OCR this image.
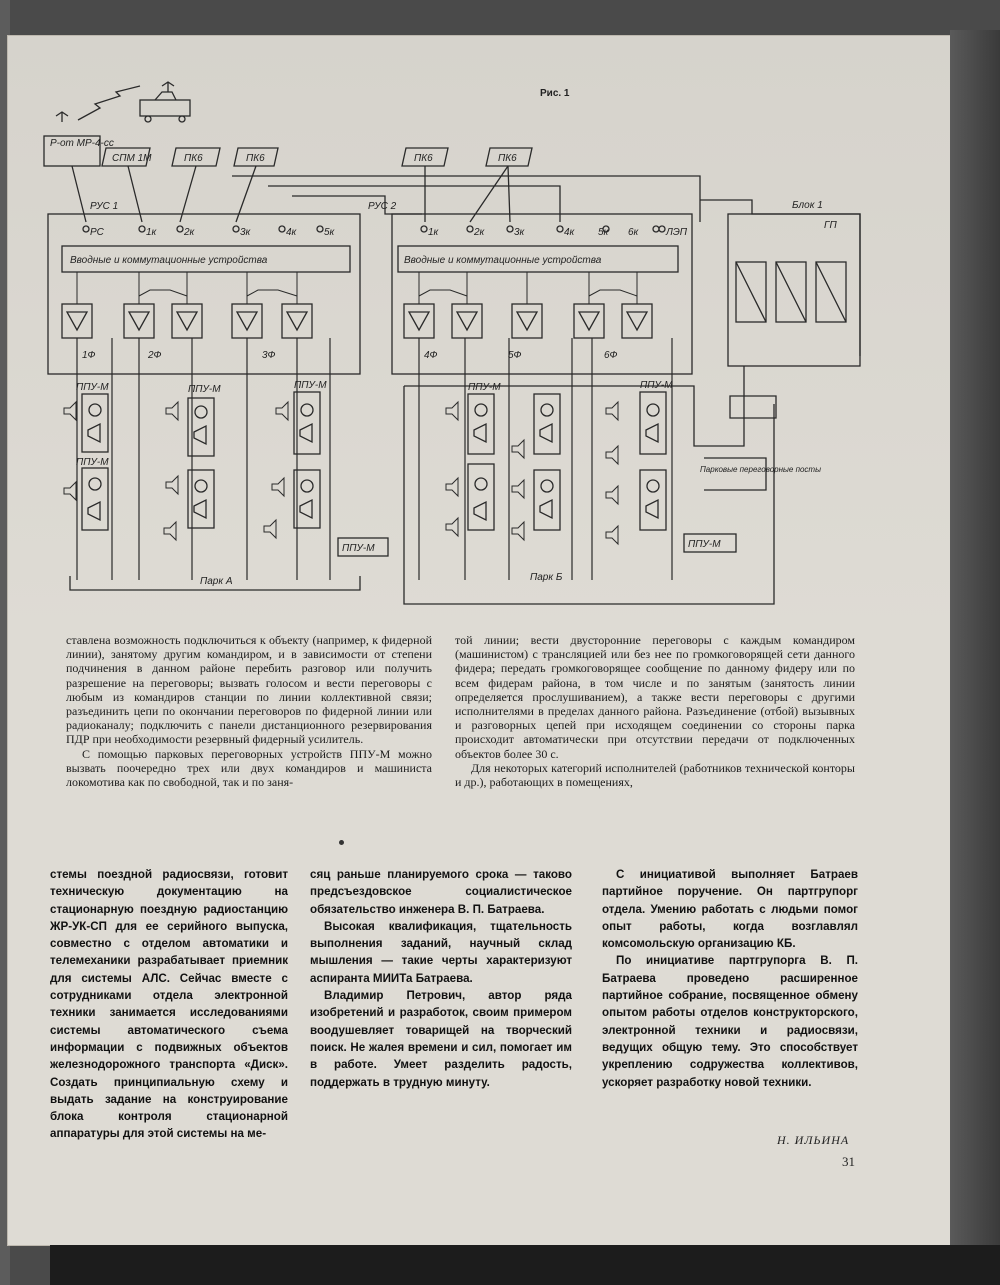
Рис. 1
Р-от МР-4-сс
СПМ 1М	ПК6	ПК6	ПК6	ПК6
РУС 1	РУС 2	Блок 1
ГП
Вводные и коммутационные устройства	Вводные и коммутационные устройства
РС	1к	2к	3к	4к	5к	1к	2к	3к	4к 5к 6к	ЛЭП
1Ф	2Ф	3Ф	4Ф	5Ф	6Ф
ППУ-М
ППУ-М
ППУ-М	ППУ-М	ППУ-М	ППУ-М
ППУ-М	ППУ-М
Парк А	Парк Б
Парковые переговорные посты

ставлена возможность подключиться к объекту (например, к фидерной линии), занятому другим командиром, и в зависимости от степени подчинения в данном районе перебить разговор или получить разрешение на переговоры; вызвать голосом и вести переговоры с любым из командиров станции по линии коллективной связи; разъединить цепи по окончании переговоров по фидерной линии или радиоканалу; подключить с панели дистанционного резервирования ПДР при необходимости резервный фидерный усилитель.

С помощью парковых переговорных устройств ППУ-М можно вызвать поочередно трех или двух командиров и машиниста локомотива как по свободной, так и по заня-

той линии; вести двусторонние переговоры с каждым командиром (машинистом) с трансляцией или без нее по громкоговорящей сети данного фидера; передать громкоговорящее сообщение по данному фидеру или по всем фидерам района, в том числе и по занятым (занятость линии определяется прослушиванием), а также вести переговоры с другими исполнителями в пределах данного района. Разъединение (отбой) вызывных и разговорных цепей при исходящем соединении со стороны парка происходит автоматически при отсутствии передачи от подключенных объектов более 30 с.

Для некоторых категорий исполнителей (работников технической конторы и др.), работающих в помещениях,

стемы поездной радиосвязи, готовит техническую документацию на стационарную поездную радиостанцию ЖР-УК-СП для ее серийного выпуска, совместно с отделом автоматики и телемеханики разрабатывает приемник для системы АЛС. Сейчас вместе с сотрудниками отдела электронной техники занимается исследованиями системы автоматического съема информации с подвижных объектов железнодорожного транспорта «Диск». Создать принципиальную схему и выдать задание на конструирование блока контроля стационарной аппаратуры для этой системы на ме-

сяц раньше планируемого срока — таково предсъездовское социалистическое обязательство инженера В. П. Батраева.

Высокая квалификация, тщательность выполнения заданий, научный склад мышления — такие черты характеризуют аспиранта МИИТа Батраева.

Владимир Петрович, автор ряда изобретений и разработок, своим примером воодушевляет товарищей на творческий поиск. Не жалея времени и сил, помогает им в работе. Умеет разделить радость, поддержать в трудную минуту.

С инициативой выполняет Батраев партийное поручение. Он партгрупорг отдела. Умению работать с людьми помог опыт работы, когда возглавлял комсомольскую организацию КБ.

По инициативе партгрупорга В. П. Батраева проведено расширенное партийное собрание, посвященное обмену опытом работы отделов конструкторского, электронной техники и радиосвязи, ведущих общую тему. Это способствует укреплению содружества коллективов, ускоряет разработку новой техники.

Н. ИЛЬИНА
31
